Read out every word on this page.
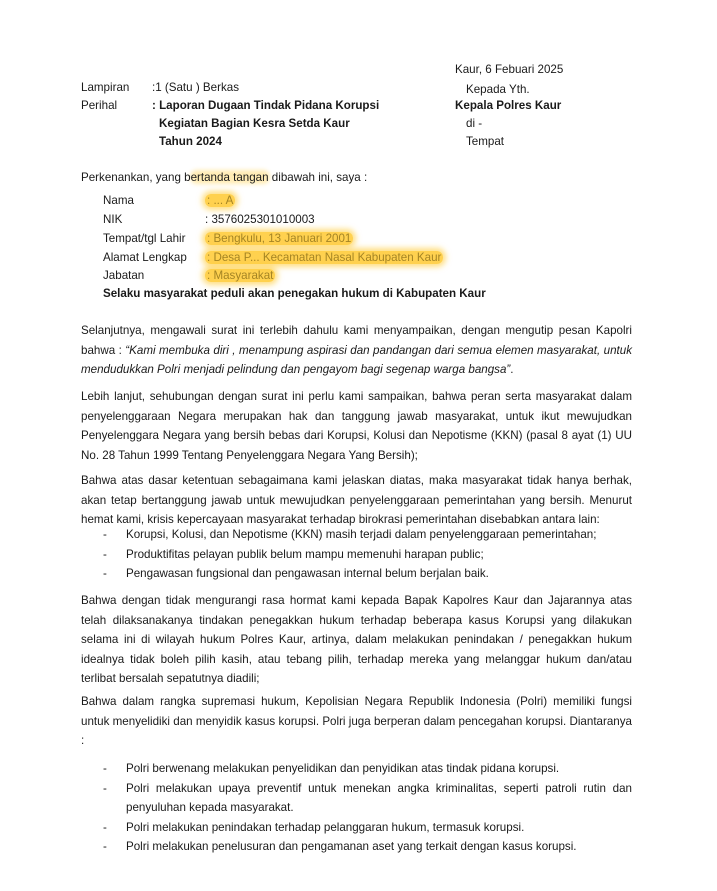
Kaur, 6 Febuari 2025
Kepada Yth.
Kepala Polres Kaur
di -
Tempat
Lampiran :1 (Satu ) Berkas
Perihal	: Laporan Dugaan Tindak Pidana Korupsi
Kegiatan Bagian Kesra Setda Kaur
Tahun 2024
Perkenankan, yang bertanda tangan dibawah ini, saya :
Nama	: ... A
NIK	: 3576025301010003
Tempat/tgl Lahir : Bengkulu, 13 Januari 2001
Alamat Lengkap : Desa P... Kecamatan Nasal Kabupaten Kaur
Jabatan	: Masyarakat
Selaku masyarakat peduli akan penegakan hukum di Kabupaten Kaur

Selanjutnya, mengawali surat ini terlebih dahulu kami menyampaikan, dengan mengutip pesan Kapolri bahwa : “Kami membuka diri , menampung aspirasi dan pandangan dari semua elemen masyarakat, untuk mendudukkan Polri menjadi pelindung dan pengayom bagi segenap warga bangsa”.

Lebih lanjut, sehubungan dengan surat ini perlu kami sampaikan, bahwa peran serta masyarakat dalam penyelenggaraan Negara merupakan hak dan tanggung jawab masyarakat, untuk ikut mewujudkan Penyelenggara Negara yang bersih bebas dari Korupsi, Kolusi dan Nepotisme (KKN) (pasal 8 ayat (1) UU No. 28 Tahun 1999 Tentang Penyelenggara Negara Yang Bersih);

Bahwa atas dasar ketentuan sebagaimana kami jelaskan diatas, maka masyarakat tidak hanya berhak, akan tetap bertanggung jawab untuk mewujudkan penyelenggaraan pemerintahan yang bersih. Menurut hemat kami, krisis kepercayaan masyarakat terhadap birokrasi pemerintahan disebabkan antara lain:

- Korupsi, Kolusi, dan Nepotisme (KKN) masih terjadi dalam penyelenggaraan pemerintahan;
- Produktifitas pelayan publik belum mampu memenuhi harapan public;
- Pengawasan fungsional dan pengawasan internal belum berjalan baik.

Bahwa dengan tidak mengurangi rasa hormat kami kepada Bapak Kapolres Kaur dan Jajarannya atas telah dilaksanakanya tindakan penegakkan hukum terhadap beberapa kasus Korupsi yang dilakukan selama ini di wilayah hukum Polres Kaur, artinya, dalam melakukan penindakan / penegakkan hukum idealnya tidak boleh pilih kasih, atau tebang pilih, terhadap mereka yang melanggar hukum dan/atau terlibat bersalah sepatutnya diadili;

Bahwa dalam rangka supremasi hukum, Kepolisian Negara Republik Indonesia (Polri) memiliki fungsi untuk menyelidiki dan menyidik kasus korupsi. Polri juga berperan dalam pencegahan korupsi. Diantaranya :

- Polri berwenang melakukan penyelidikan dan penyidikan atas tindak pidana korupsi.
- Polri melakukan upaya preventif untuk menekan angka kriminalitas, seperti patroli rutin dan penyuluhan kepada masyarakat.
- Polri melakukan penindakan terhadap pelanggaran hukum, termasuk korupsi.
- Polri melakukan penelusuran dan pengamanan aset yang terkait dengan kasus korupsi.
